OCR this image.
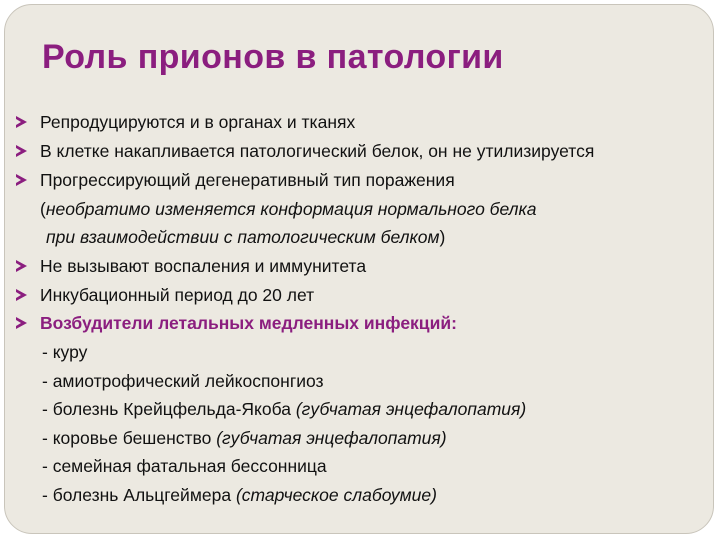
Роль прионов в патологии
Репродуцируются и в органах и тканях
В клетке накапливается патологический белок, он не утилизируется
Прогрессирующий дегенеративный тип поражения
(необратимо изменяется конформация нормального белка
при взаимодействии с патологическим белком)
Не вызывают воспаления и иммунитета
Инкубационный период до 20 лет
Возбудители летальных медленных инфекций:
- куру
- амиотрофический лейкоспонгиоз
- болезнь Крейцфельда-Якоба (губчатая энцефалопатия)
- коровье бешенство (губчатая энцефалопатия)
- семейная фатальная бессонница
- болезнь Альцгеймера (старческое слабоумие)
